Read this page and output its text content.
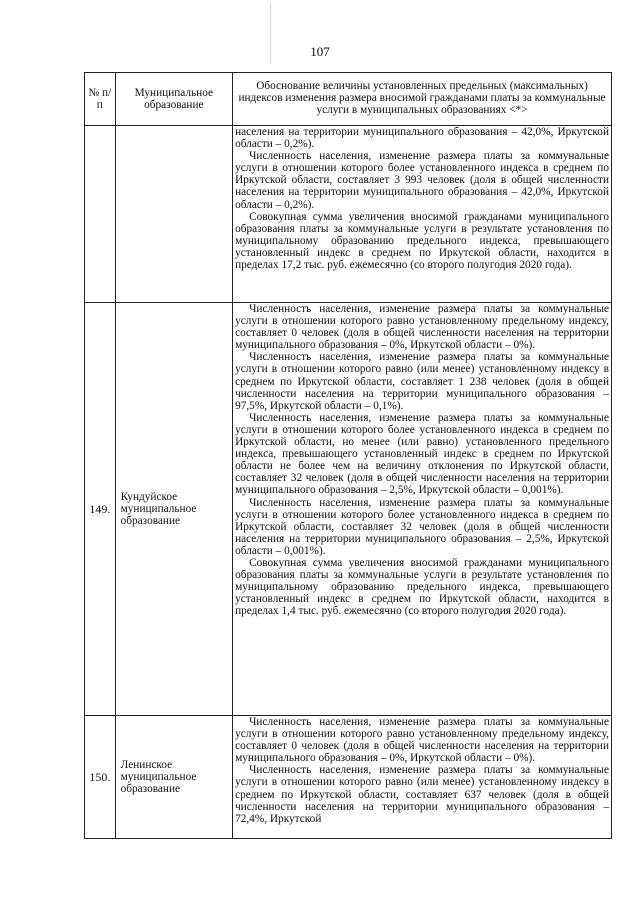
107
№ п/п	Муниципальное образование	Обоснование величины установленных предельных (максимальных) индексов изменения размера вносимой гражданами платы за коммунальные услуги в муниципальных образованиях <*>

		населения на территории муниципального образования – 42,0%, Иркутской области – 0,2%).

Численность населения, изменение размера платы за коммунальные услуги в отношении которого более установленного индекса в среднем по Иркутской области, составляет 3 993 человек (доля в общей численности населения на территории муниципального образования – 42,0%, Иркутской области – 0,2%).

Совокупная сумма увеличения вносимой гражданами муниципального образования платы за коммунальные услуги в результате установления по муниципальному образованию предельного индекса, превышающего установленный индекс в среднем по Иркутской области, находится в пределах 17,2 тыс. руб. ежемесячно (со второго полугодия 2020 года).

149.	Кундуйское муниципальное образование	Численность населения, изменение размера платы за коммунальные услуги в отношении которого равно установленному предельному индексу, составляет 0 человек (доля в общей численности населения на территории муниципального образования – 0%, Иркутской области – 0%).

Численность населения, изменение размера платы за коммунальные услуги в отношении которого равно (или менее) установленному индексу в среднем по Иркутской области, составляет 1 238 человек (доля в общей численности населения на территории муниципального образования – 97,5%, Иркутской области – 0,1%).

Численность населения, изменение размера платы за коммунальные услуги в отношении которого более установленного индекса в среднем по Иркутской области, но менее (или равно) установленного предельного индекса, превышающего установленный индекс в среднем по Иркутской области не более чем на величину отклонения по Иркутской области, составляет 32 человек (доля в общей численности населения на территории муниципального образования – 2,5%, Иркутской области – 0,001%).

Численность населения, изменение размера платы за коммунальные услуги в отношении которого более установленного индекса в среднем по Иркутской области, составляет 32 человек (доля в общей численности населения на территории муниципального образования – 2,5%, Иркутской области – 0,001%).

Совокупная сумма увеличения вносимой гражданами муниципального образования платы за коммунальные услуги в результате установления по муниципальному образованию предельного индекса, превышающего установленный индекс в среднем по Иркутской области, находится в пределах 1,4 тыс. руб. ежемесячно (со второго полугодия 2020 года).

150.	Ленинское муниципальное образование	Численность населения, изменение размера платы за коммунальные услуги в отношении которого равно установленному предельному индексу, составляет 0 человек (доля в общей численности населения на территории муниципального образования – 0%, Иркутской области – 0%).

Численность населения, изменение размера платы за коммунальные услуги в отношении которого равно (или менее) установленному индексу в среднем по Иркутской области, составляет 637 человек (доля в общей численности населения на территории муниципального образования – 72,4%, Иркутской
